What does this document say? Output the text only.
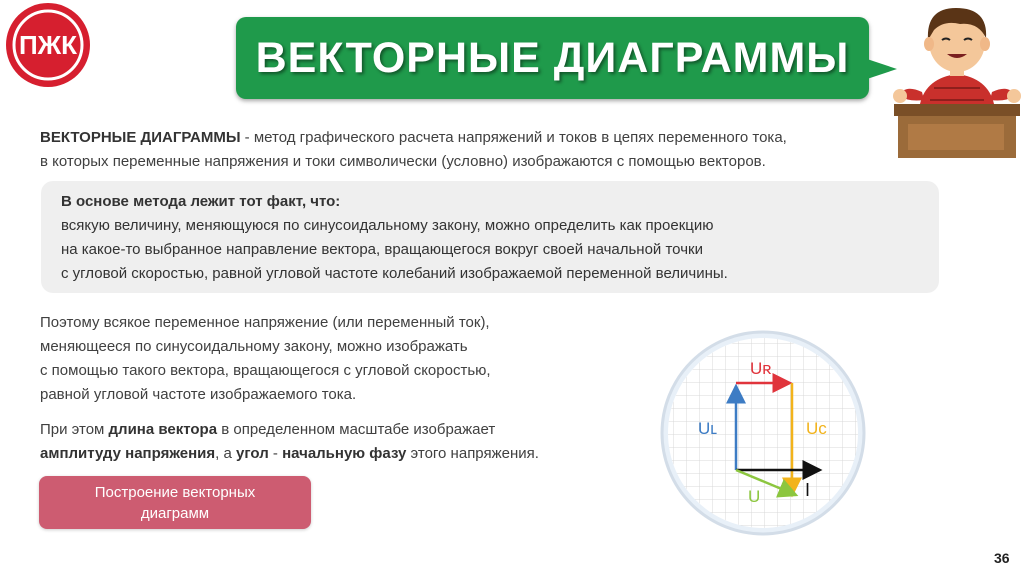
ПЖК	ВЕКТОРНЫЕ ДИАГРАММЫ
ВЕКТОРНЫЕ ДИАГРАММЫ - метод графического расчета напряжений и токов в цепях переменного тока,
в которых переменные напряжения и токи символически (условно) изображаются с помощью векторов.
В основе метода лежит тот факт, что:
всякую величину, меняющуюся по синусоидальному закону, можно определить как проекцию
на какое-то выбранное направление вектора, вращающегося вокруг своей начальной точки
с угловой скоростью, равной угловой частоте колебаний изображаемой переменной величины.

Поэтому всякое переменное напряжение (или переменный ток),
меняющееся по синусоидальному закону, можно изображать
с помощью такого вектора, вращающегося с угловой скоростью,
равной угловой частоте изображаемого тока.

При этом длина вектора в определенном масштабе изображает
амплитуду напряжения, а угол - начальную фазу этого напряжения.

Построение векторных
диаграмм
Uʀ
Uʟ	Uᴄ
U I
36
